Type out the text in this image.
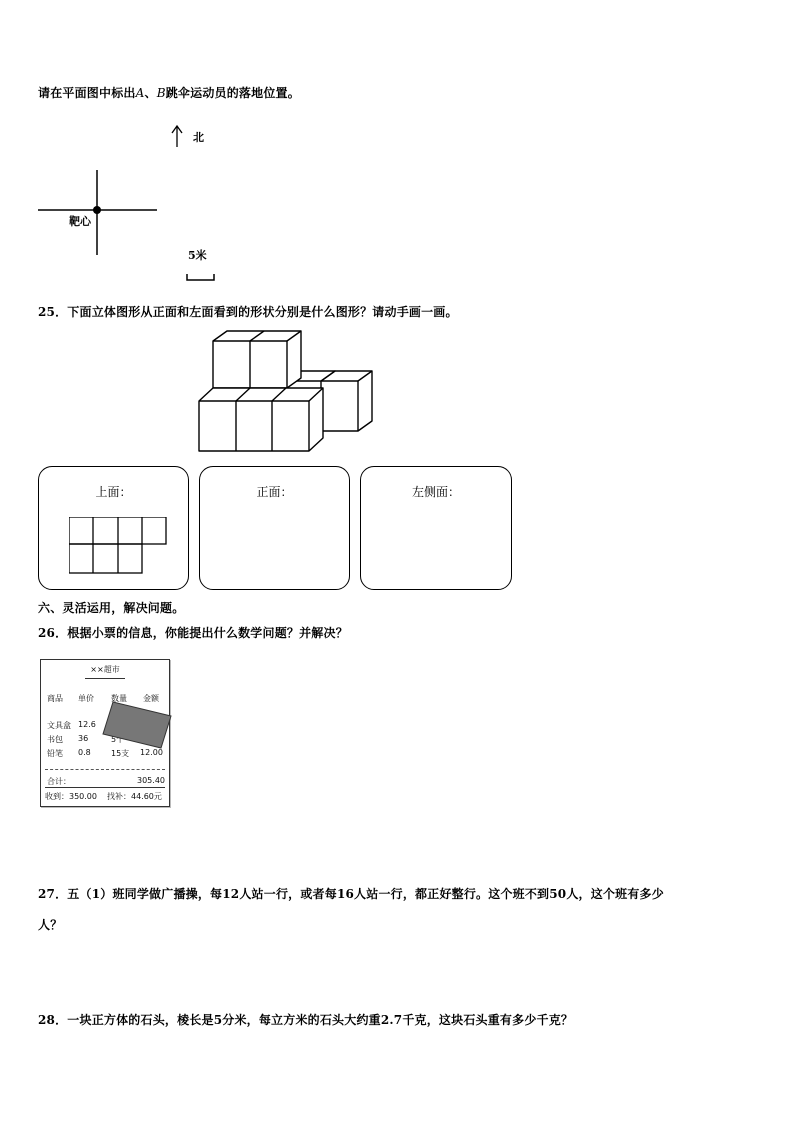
请在平面图中标出A、B跳伞运动员的落地位置。
北
靶心
5米
25．下面立体图形从正面和左面看到的形状分别是什么图形？请动手画一画。
上面：	正面：	左侧面：
六、灵活运用，解决问题。
26．根据小票的信息，你能提出什么数学问题？并解决？
××超市
商品 单价 数量 金额
文具盒 12.6
书包 36	5个
铅笔 0.8	15支 12.00
合计：	305.40
收到：350.00 找补：44.60元
27．五（1）班同学做广播操，每12人站一行，或者每16人站一行，都正好整行。这个班不到50人，这个班有多少
人？
28．一块正方体的石头，棱长是5分米，每立方米的石头大约重2.7千克，这块石头重有多少千克？
